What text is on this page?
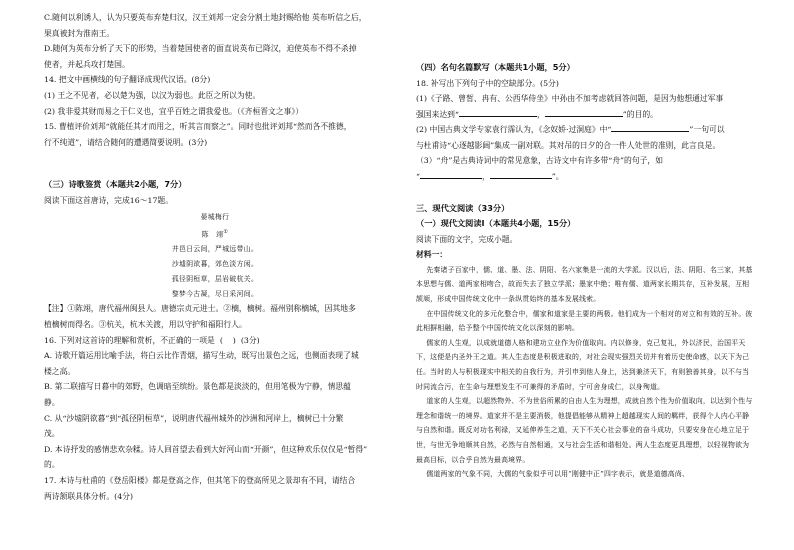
C.随何以利诱人，认为只要英布弃楚归汉，汉王刘邦一定会分割土地封赐给他 英布听信之后，

果真被封为淮南王。

D.随何为英布分析了天下的形势，当着楚国使者的面直说英布已降汉，迫使英布不得不杀掉

使者，并起兵攻打楚国。

14. 把文中画横线的句子翻译成现代汉语。(8分)

(1) 王之不见者，必以楚为强，以汉为弱也。此臣之所以为使。

(2) 我非爱其财而易之于仁义也，宜乎百姓之谓我爱也。（《齐桓晋文之事》）

15. 曹植评价刘邦“就能任其才而用之，听其言而察之”。同时也批评刘邦“然而各不推德，

行不纯道”，请结合随何的遭遇简要说明。(3分)

（三）诗歌鉴赏（本题共2小题，7分）

阅读下面这首唐诗，完成16～17题。

晏城梅行

陈　翊①

井邑日云间，严城远带山。

沙墟阴欲暮，郊色淡方闲。

孤径阴桓草，层岩破杭关。

黎梦今古凝，尽日采河间。

【注】①陈翊，唐代福州闽县人。唐德宗贞元进士。②樀，樀树。福州别称樀城，因其地多

植樀树而得名。③杭关，杭木关渡，用以守护和福阳行人。

16. 下列对这首诗的理解和赏析，不正确的一项是 (    ) (3分)

A. 诗歌开篇运用比喻手法，将白云比作青烟，描写生动，既写出景色之远，也侧面表现了城

楼之高。

B. 第二联描写日暮中的郊野，色调暗至缤纷。景色都是淡淡的，但用笔极为宁静，情思蕴

静。

C. 从“沙墟阴欲暮”到“孤径阴桓草”，说明唐代福州城外的沙洲和河岸上，樀树已十分繁

茂。

D. 本诗抒发的感情悲欢杂糅。诗人回首望去看到大好河山而“开颜”，但这种欢乐仅仅是“暂得”

的。

17. 本诗与杜甫的《登岳阳楼》都是登高之作，但其笔下的登高所见之景却有不同，请结合

两诗颔联具体分析。(4分)

（四）名句名篇默写（本题共1小题，5分）

18. 补写出下列句子中的空缺部分。(5分)

(1)《子路、曾皙、冉有、公西华侍坐》中孙由不加考虑就回答问题，是因为他想通过军事

强国来达到“	，	”的目的。

(2) 中国古典文学专家袁行霈认为，《念奴娇·过洞庭》中“	”一句可以

与杜甫诗“心逐越影阔”集成一副对联。其对吊的日夕的合一件人处世的准则，此言良是。

（3）“舟”是古典诗词中的常见意象，古诗文中有许多带“舟”的句子，如

“	，	”。

三、现代文阅读（33分）

（一）现代文阅读Ⅰ（本题共4小题，15分）

阅读下面的文字，完成小题。

材料一：

先秦诸子百家中，儒、道、墨、法、阴阳、名六家集是一流的大学派。汉以后，法、阴阳、名三家，其基本思想与儒、道两家相吻合，故而失去了独立学派；墨家中绝；唯有儒、道两家长期共存，互补发展，互相颉颃，形成中国传统文化中一条纵贯始终的基本发展线索。

在中国传统文化的多元化整合中，儒家和道家是主要的两极。他们成为一个相对的对立和有效的互补。彼此相摒相融，给予整个中国传统文化以深刻的影响。

儒家的人生观，以成就道德人格和建功立业作为价值取向。内以修身，克己复礼，外以济民，治国平天下，这便是内圣外王之道。其人生态度是积极进取的，对社会现实强烈关切并有着历史使命感，以天下为己任。当时的人与积极现实中相关的自我行为，并引申到他人身上，达到兼济天下，有则独善其身，以不与当时同流合污，在生命与理想发生不可兼得的矛盾时，宁可舍身成仁，以身殉道。

道家的人生观，以超然物外、不为世俗所累的自由人生为理想，成就自然个性为价值取向，以达到个性与理念和谐统一的境界。道家并不是主要消极，他提倡能够从精神上超越现实人间的羁绊，获得个人内心平静与自然和谐。既反对功名利禄，又延伸养生之道，天下不关心社会事业的奋斗成功，只要安身在心地立足于世，与世无争地顺其自然，必然与自然相通，又与社会生活和谐相处。两人生态度更具理想，以轻视物欲为最高目标，以合乎自然为最高境界。

儒道两家的气象不同，大儒的气象似乎可以用“刚健中正”四字表示，就是道德高尚、
